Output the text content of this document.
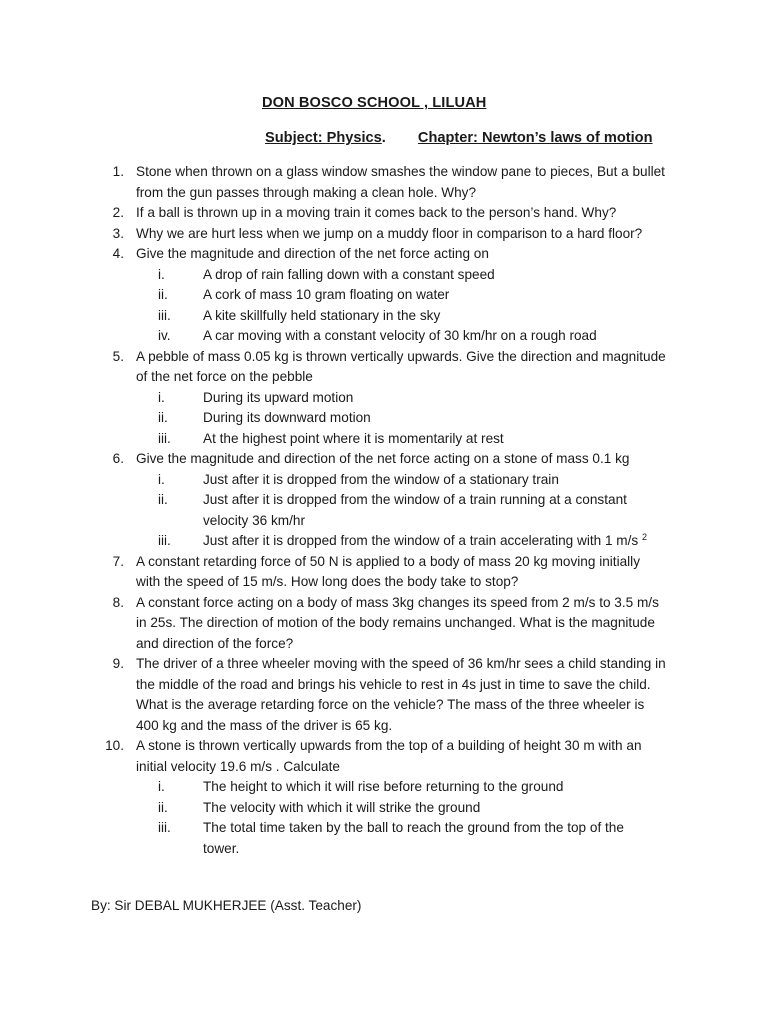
DON BOSCO SCHOOL , LILUAH
Subject: Physics. Chapter: Newton’s laws of motion
1. Stone when thrown on a glass window smashes the window pane to pieces, But a bullet
from the gun passes through making a clean hole. Why?
2. If a ball is thrown up in a moving train it comes back to the person’s hand. Why?
3. Why we are hurt less when we jump on a muddy floor in comparison to a hard floor?
4. Give the magnitude and direction of the net force acting on
i.	A drop of rain falling down with a constant speed
ii.	A cork of mass 10 gram floating on water
iii. A kite skillfully held stationary in the sky
iv. A car moving with a constant velocity of 30 km/hr on a rough road
5. A pebble of mass 0.05 kg is thrown vertically upwards. Give the direction and magnitude
of the net force on the pebble
i.	During its upward motion
ii.	During its downward motion
iii. At the highest point where it is momentarily at rest
6. Give the magnitude and direction of the net force acting on a stone of mass 0.1 kg
i.	Just after it is dropped from the window of a stationary train
ii.	Just after it is dropped from the window of a train running at a constant
velocity 36 km/hr
iii. Just after it is dropped from the window of a train accelerating with 1 m/s $^2$
7. A constant retarding force of 50 N is applied to a body of mass 20 kg moving initially
with the speed of 15 m/s. How long does the body take to stop?
8. A constant force acting on a body of mass 3kg changes its speed from 2 m/s to 3.5 m/s
in 25s. The direction of motion of the body remains unchanged. What is the magnitude
and direction of the force?
9. The driver of a three wheeler moving with the speed of 36 km/hr sees a child standing in
the middle of the road and brings his vehicle to rest in 4s just in time to save the child.
What is the average retarding force on the vehicle? The mass of the three wheeler is
400 kg and the mass of the driver is 65 kg.
10. A stone is thrown vertically upwards from the top of a building of height 30 m with an
initial velocity 19.6 m/s . Calculate
i.	The height to which it will rise before returning to the ground
ii.	The velocity with which it will strike the ground
iii. The total time taken by the ball to reach the ground from the top of the
tower.
By: Sir DEBAL MUKHERJEE (Asst. Teacher)
